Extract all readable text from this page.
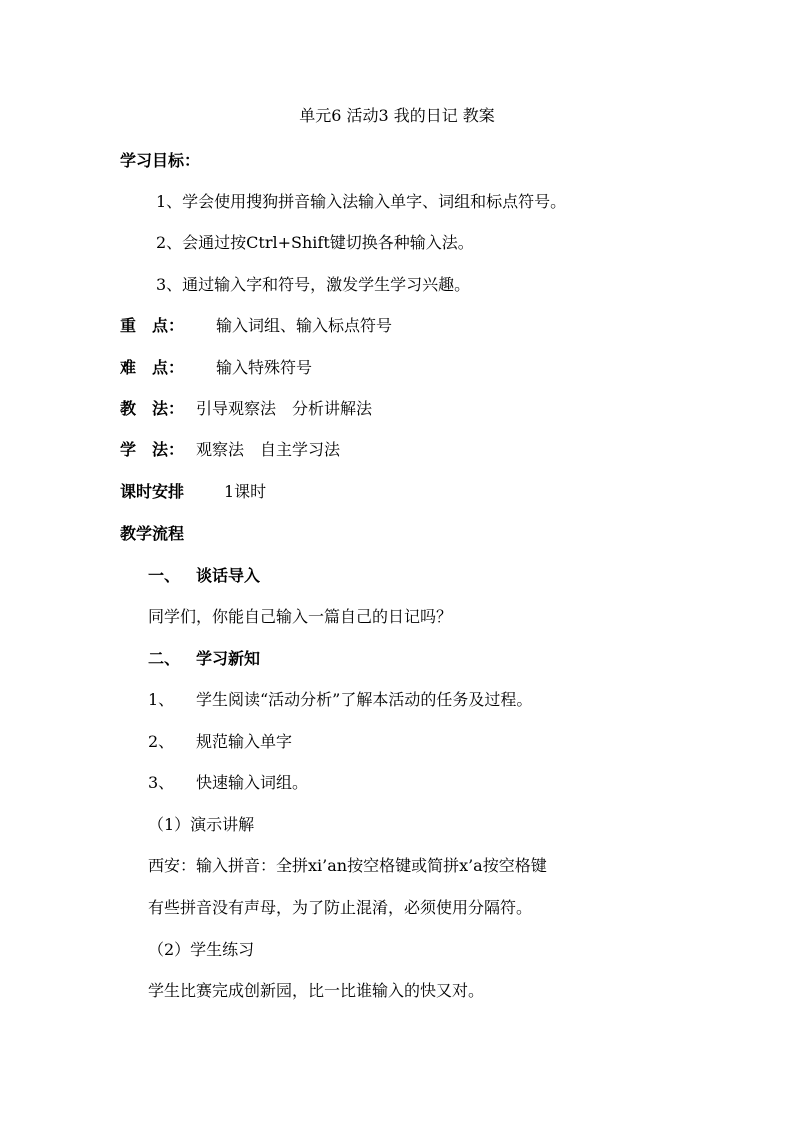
单元6 活动3 我的日记 教案
学习目标：
1、学会使用搜狗拼音输入法输入单字、词组和标点符号。
2、会通过按Ctrl+Shift键切换各种输入法。
3、通过输入字和符号，激发学生学习兴趣。
重　点： 输入词组、输入标点符号
难　点： 输入特殊符号
教　法： 引导观察法　分析讲解法
学　法： 观察法　自主学习法
课时安排 1课时
教学流程
一、 谈话导入
同学们，你能自己输入一篇自己的日记吗？
二、 学习新知
1、 学生阅读“活动分析”了解本活动的任务及过程。
2、 规范输入单字
3、 快速输入词组。
（1）演示讲解
西安：输入拼音：全拼xi’an按空格键或简拼x’a按空格键
有些拼音没有声母，为了防止混淆，必须使用分隔符。
（2）学生练习
学生比赛完成创新园，比一比谁输入的快又对。
